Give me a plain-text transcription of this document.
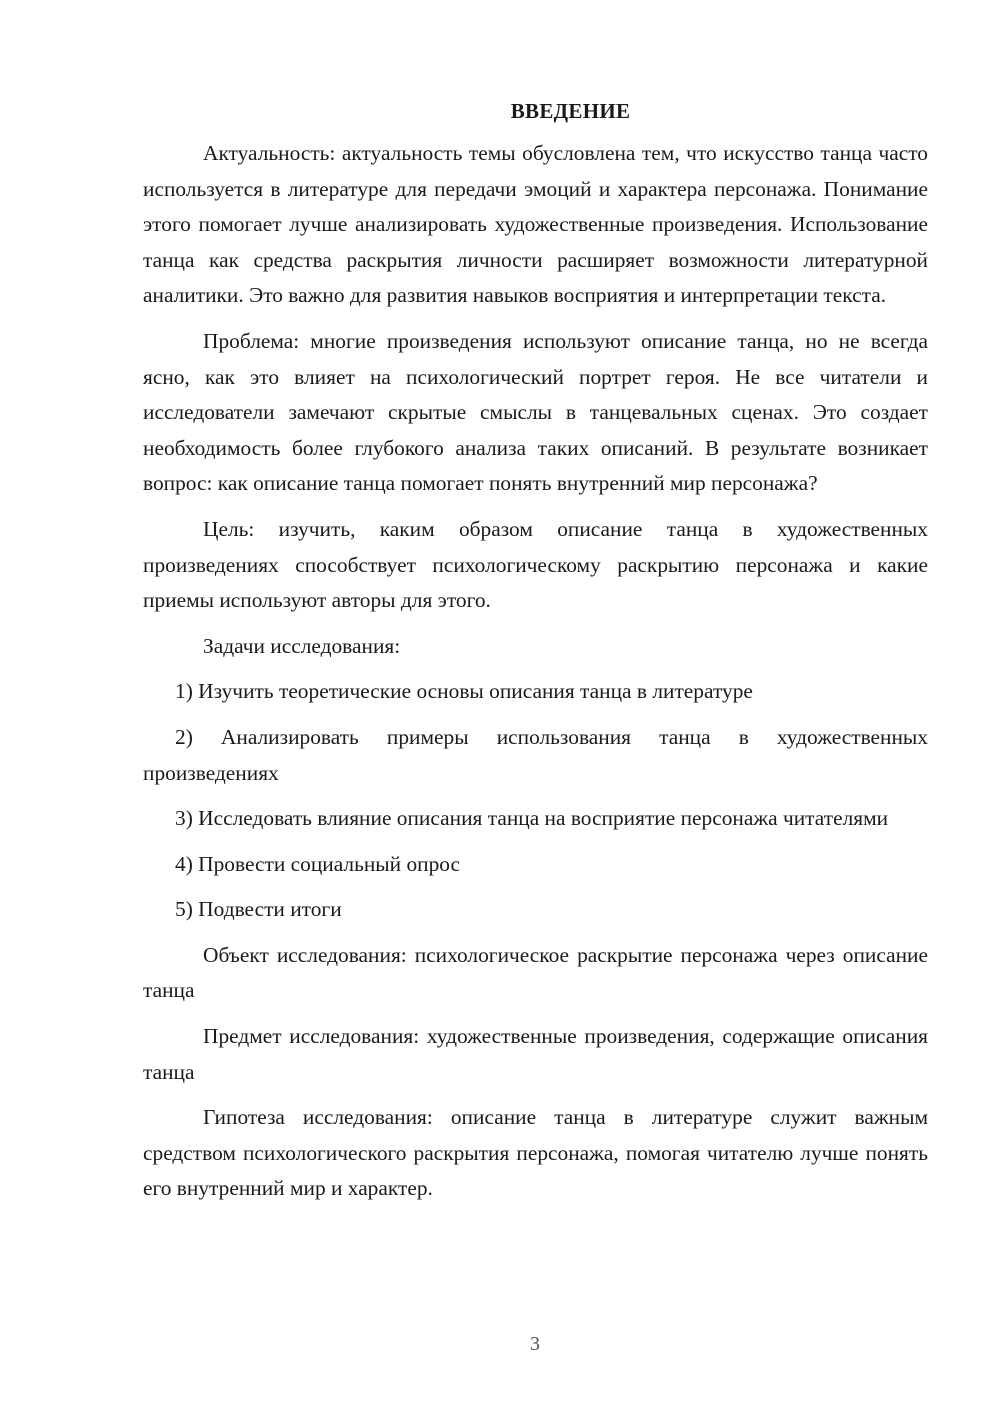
ВВЕДЕНИЕ

Актуальность: актуальность темы обусловлена тем, что искусство танца часто используется в литературе для передачи эмоций и характера персонажа. Понимание этого помогает лучше анализировать художественные произведения. Использование танца как средства раскрытия личности расширяет возможности литературной аналитики. Это важно для развития навыков восприятия и интерпретации текста.

Проблема: многие произведения используют описание танца, но не всегда ясно, как это влияет на психологический портрет героя. Не все читатели и исследователи замечают скрытые смыслы в танцевальных сценах. Это создает необходимость более глубокого анализа таких описаний. В результате возникает вопрос: как описание танца помогает понять внутренний мир персонажа?

Цель: изучить, каким образом описание танца в художественных произведениях способствует психологическому раскрытию персонажа и какие приемы используют авторы для этого.

Задачи исследования:

1) Изучить теоретические основы описания танца в литературе

2) Анализировать примеры использования танца в художественных произведениях

3) Исследовать влияние описания танца на восприятие персонажа читателями

4) Провести социальный опрос

5) Подвести итоги

Объект исследования: психологическое раскрытие персонажа через описание танца

Предмет исследования: художественные произведения, содержащие описания танца

Гипотеза исследования: описание танца в литературе служит важным средством психологического раскрытия персонажа, помогая читателю лучше понять его внутренний мир и характер.

3
